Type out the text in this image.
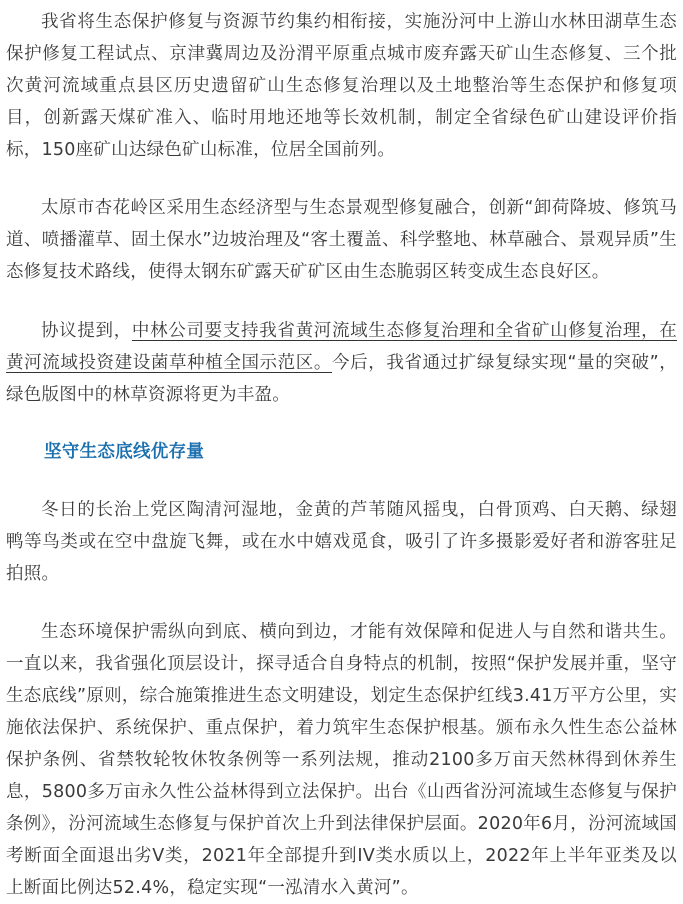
我省将生态保护修复与资源节约集约相衔接，实施汾河中上游山水林田湖草生态保护修复工程试点、京津冀周边及汾渭平原重点城市废弃露天矿山生态修复、三个批次黄河流域重点县区历史遗留矿山生态修复治理以及土地整治等生态保护和修复项目，创新露天煤矿准入、临时用地还地等长效机制，制定全省绿色矿山建设评价指标，150座矿山达绿色矿山标准，位居全国前列。

太原市杏花岭区采用生态经济型与生态景观型修复融合，创新“卸荷降坡、修筑马道、喷播灌草、固土保水”边坡治理及“客土覆盖、科学整地、林草融合、景观异质”生态修复技术路线，使得太钢东矿露天矿矿区由生态脆弱区转变成生态良好区。

协议提到，中林公司要支持我省黄河流域生态修复治理和全省矿山修复治理，在黄河流域投资建设菌草种植全国示范区。今后，我省通过扩绿复绿实现“量的突破”，绿色版图中的林草资源将更为丰盈。

坚守生态底线优存量

冬日的长治上党区陶清河湿地，金黄的芦苇随风摇曳，白骨顶鸡、白天鹅、绿翅鸭等鸟类或在空中盘旋飞舞，或在水中嬉戏觅食，吸引了许多摄影爱好者和游客驻足拍照。

生态环境保护需纵向到底、横向到边，才能有效保障和促进人与自然和谐共生。一直以来，我省强化顶层设计，探寻适合自身特点的机制，按照“保护发展并重，坚守生态底线”原则，综合施策推进生态文明建设，划定生态保护红线3.41万平方公里，实施依法保护、系统保护、重点保护，着力筑牢生态保护根基。颁布永久性生态公益林保护条例、省禁牧轮牧休牧条例等一系列法规，推动2100多万亩天然林得到休养生息，5800多万亩永久性公益林得到立法保护。出台《山西省汾河流域生态修复与保护条例》，汾河流域生态修复与保护首次上升到法律保护层面。2020年6月，汾河流域国考断面全面退出劣V类，2021年全部提升到IV类水质以上，2022年上半年亚类及以上断面比例达52.4%，稳定实现“一泓清水入黄河”。
